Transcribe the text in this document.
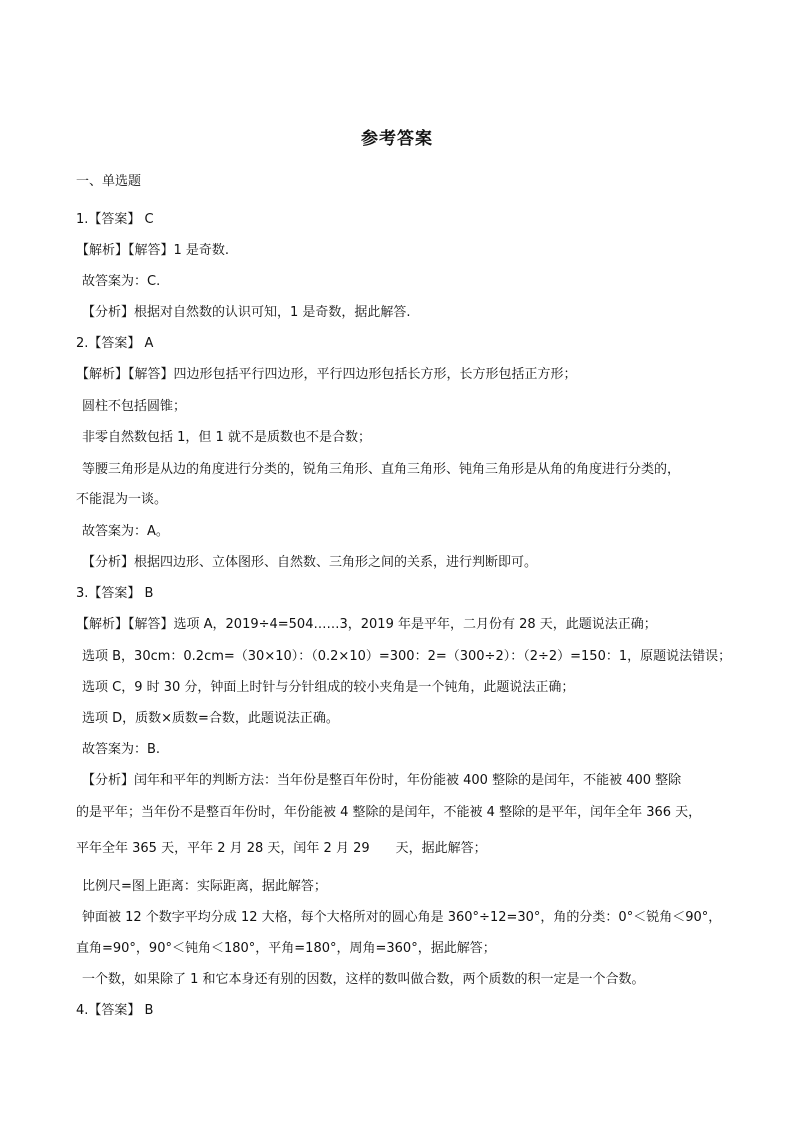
参考答案
一、单选题
1.【答案】 C
【解析】【解答】1 是奇数.
故答案为：C.
【分析】根据对自然数的认识可知，1 是奇数，据此解答.
2.【答案】 A
【解析】【解答】四边形包括平行四边形，平行四边形包括长方形，长方形包括正方形；
圆柱不包括圆锥；
非零自然数包括 1，但 1 就不是质数也不是合数；
等腰三角形是从边的角度进行分类的，锐角三角形、直角三角形、钝角三角形是从角的角度进行分类的，
不能混为一谈。
故答案为：A。
【分析】根据四边形、立体图形、自然数、三角形之间的关系，进行判断即可。
3.【答案】 B
【解析】【解答】选项 A，2019÷4=504……3，2019 年是平年，二月份有 28 天，此题说法正确；
选项 B，30cm：0.2cm=（30×10）：（0.2×10）=300：2=（300÷2）：（2÷2）=150：1，原题说法错误；
选项 C，9 时 30 分，钟面上时针与分针组成的较小夹角是一个钝角，此题说法正确；
选项 D，质数×质数=合数，此题说法正确。
故答案为：B.
【分析】闰年和平年的判断方法：当年份是整百年份时，年份能被 400 整除的是闰年，不能被 400 整除
的是平年；当年份不是整百年份时，年份能被 4 整除的是闰年，不能被 4 整除的是平年，闰年全年 366 天，
平年全年 365 天，平年 2 月 28 天，闰年 2 月 29　　天，据此解答；
比例尺=图上距离：实际距离，据此解答；
钟面被 12 个数字平均分成 12 大格，每个大格所对的圆心角是 360°÷12=30°，角的分类：0°＜锐角＜90°，
直角=90°，90°＜钝角＜180°，平角=180°，周角=360°，据此解答；
一个数，如果除了 1 和它本身还有别的因数，这样的数叫做合数，两个质数的积一定是一个合数。
4.【答案】 B
